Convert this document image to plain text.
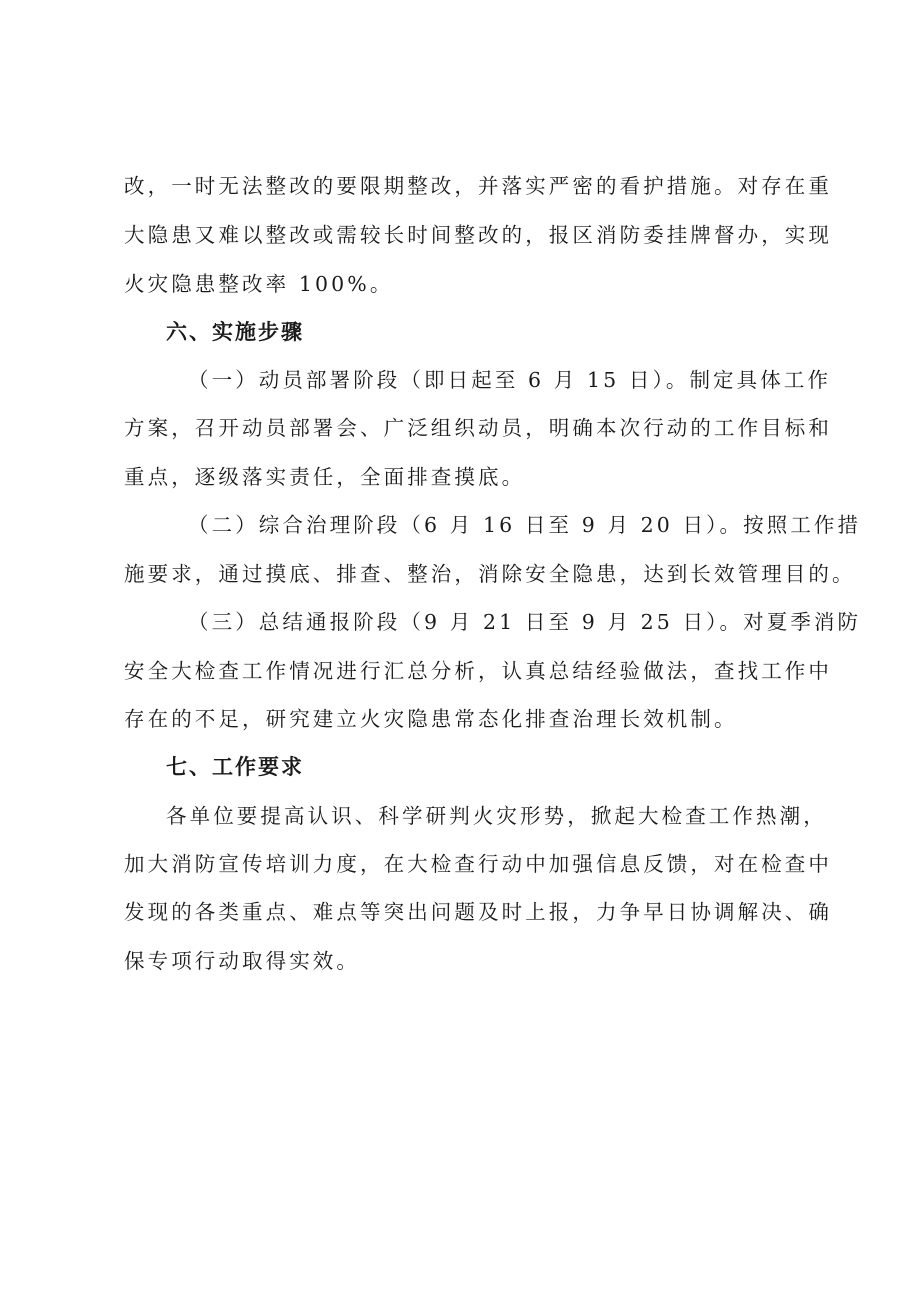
改，一时无法整改的要限期整改，并落实严密的看护措施。对存在重
大隐患又难以整改或需较长时间整改的，报区消防委挂牌督办，实现
火灾隐患整改率 100%。
六、实施步骤
（一）动员部署阶段（即日起至 6 月 15 日）。制定具体工作
方案，召开动员部署会、广泛组织动员，明确本次行动的工作目标和
重点，逐级落实责任，全面排查摸底。
（二）综合治理阶段（6 月 16 日至 9 月 20 日）。按照工作措
施要求，通过摸底、排查、整治，消除安全隐患，达到长效管理目的。
（三）总结通报阶段（9 月 21 日至 9 月 25 日）。对夏季消防
安全大检查工作情况进行汇总分析，认真总结经验做法，查找工作中
存在的不足，研究建立火灾隐患常态化排查治理长效机制。
七、工作要求
各单位要提高认识、科学研判火灾形势，掀起大检查工作热潮，
加大消防宣传培训力度，在大检查行动中加强信息反馈，对在检查中
发现的各类重点、难点等突出问题及时上报，力争早日协调解决、确
保专项行动取得实效。
